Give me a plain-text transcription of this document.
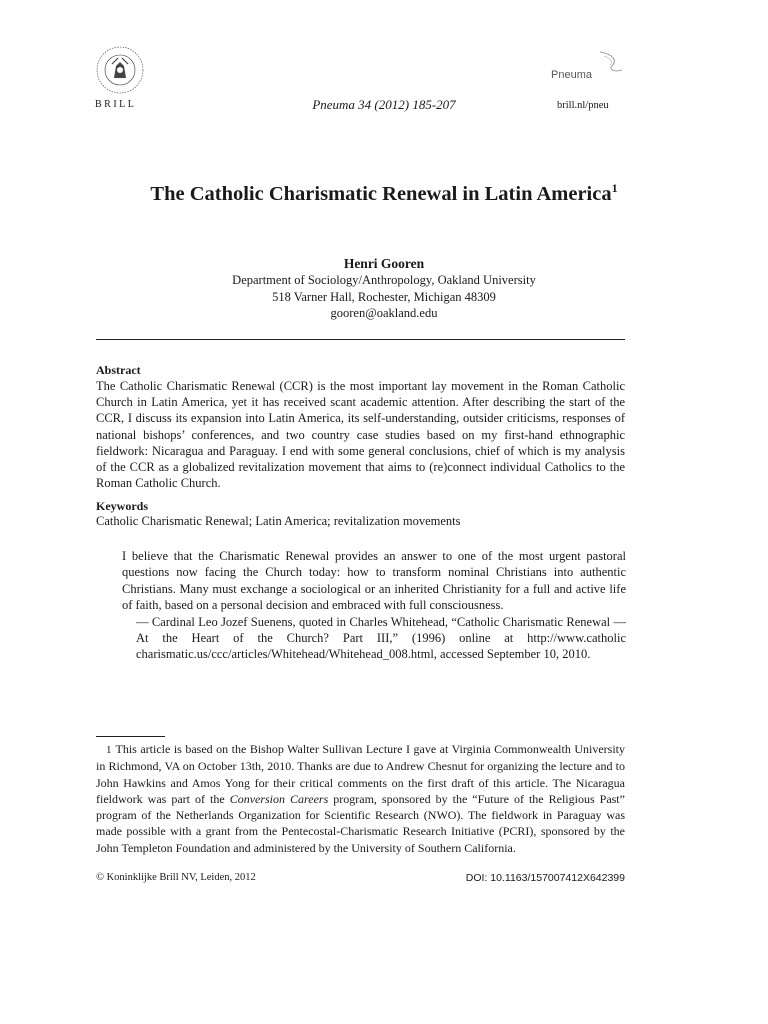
BRILL	Pneuma 34 (2012) 185-207
Pneuma
brill.nl/pneu
The Catholic Charismatic Renewal in Latin America$^1$
Henri Gooren
Department of Sociology/Anthropology, Oakland University
518 Varner Hall, Rochester, Michigan 48309
gooren@oakland.edu
Abstract
The Catholic Charismatic Renewal (CCR) is the most important lay movement in the Roman Catholic Church in Latin America, yet it has received scant academic attention. After describing the start of the CCR, I discuss its expansion into Latin America, its self-understanding, outsider criticisms, responses of national bishops’ conferences, and two country case studies based on my first-hand ethnographic fieldwork: Nicaragua and Paraguay. I end with some general conclusions, chief of which is my analysis of the CCR as a globalized revitalization movement that aims to (re)connect individual Catholics to the Roman Catholic Church.
Keywords
Catholic Charismatic Renewal; Latin America; revitalization movements

I believe that the Charismatic Renewal provides an answer to one of the most urgent pastoral questions now facing the Church today: how to transform nominal Christians into authentic Christians. Many must exchange a sociological or an inherited Christianity for a full and active life of faith, based on a personal decision and embraced with full consciousness.

— Cardinal Leo Jozef Suenens, quoted in Charles Whitehead, “Catholic Charismatic Renewal — At the Heart of the Church? Part III,” (1996) online at http://www.catholic charismatic.us/ccc/articles/Whitehead/Whitehead_008.html, accessed September 10, 2010.

1 This article is based on the Bishop Walter Sullivan Lecture I gave at Virginia Commonwealth University in Richmond, VA on October 13th, 2010. Thanks are due to Andrew Chesnut for organizing the lecture and to John Hawkins and Amos Yong for their critical comments on the first draft of this article. The Nicaragua fieldwork was part of the Conversion Careers program, sponsored by the “Future of the Religious Past” program of the Netherlands Organization for Scientific Research (NWO). The fieldwork in Paraguay was made possible with a grant from the Pentecostal-Charismatic Research Initiative (PCRI), sponsored by the John Templeton Foundation and administered by the University of Southern California.
© Koninklijke Brill NV, Leiden, 2012	DOI: 10.1163/157007412X642399
